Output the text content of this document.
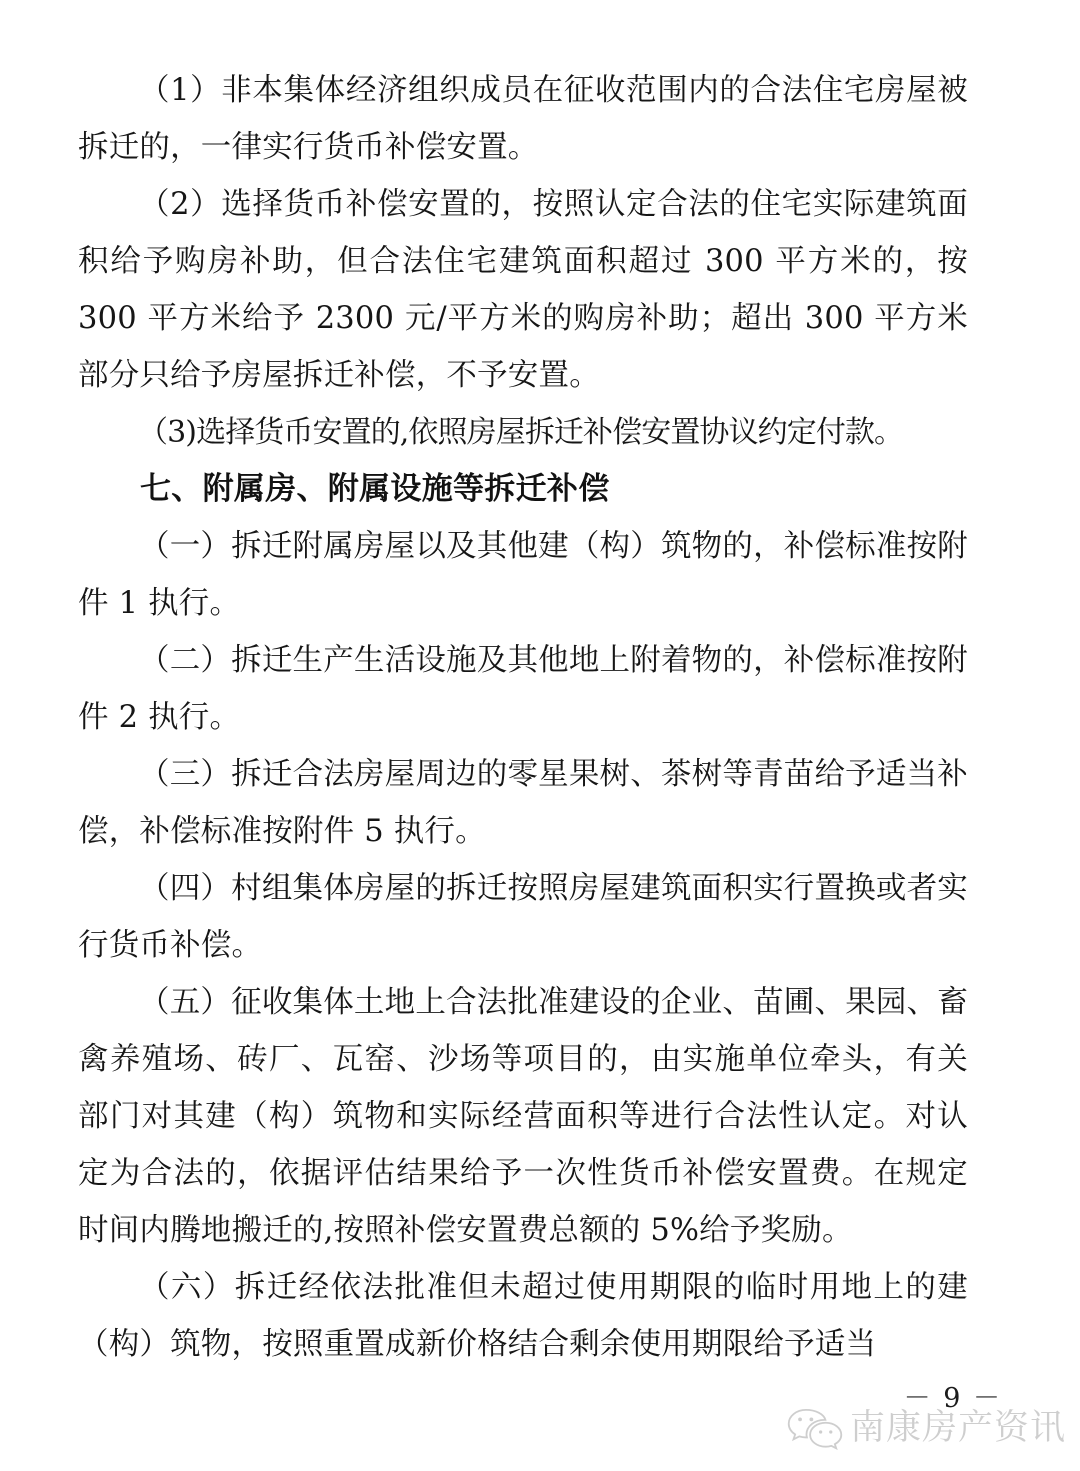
（1）非本集体经济组织成员在征收范围内的合法住宅房屋被拆迁的，一律实行货币补偿安置。

（2）选择货币补偿安置的，按照认定合法的住宅实际建筑面积给予购房补助，但合法住宅建筑面积超过 300 平方米的，按 300 平方米给予 2300 元/平方米的购房补助；超出 300 平方米部分只给予房屋拆迁补偿，不予安置。

（3)选择货币安置的,依照房屋拆迁补偿安置协议约定付款。

七、附属房、附属设施等拆迁补偿

（一）拆迁附属房屋以及其他建（构）筑物的，补偿标准按附件 1 执行。

（二）拆迁生产生活设施及其他地上附着物的，补偿标准按附件 2 执行。

（三）拆迁合法房屋周边的零星果树、茶树等青苗给予适当补偿，补偿标准按附件 5 执行。

（四）村组集体房屋的拆迁按照房屋建筑面积实行置换或者实行货币补偿。

（五）征收集体土地上合法批准建设的企业、苗圃、果园、畜禽养殖场、砖厂、瓦窑、沙场等项目的，由实施单位牵头，有关部门对其建（构）筑物和实际经营面积等进行合法性认定。对认定为合法的，依据评估结果给予一次性货币补偿安置费。在规定时间内腾地搬迁的,按照补偿安置费总额的 5%给予奖励。

（六）拆迁经依法批准但未超过使用期限的临时用地上的建（构）筑物，按照重置成新价格结合剩余使用期限给予适当

－ 9 －
南康房产资讯
